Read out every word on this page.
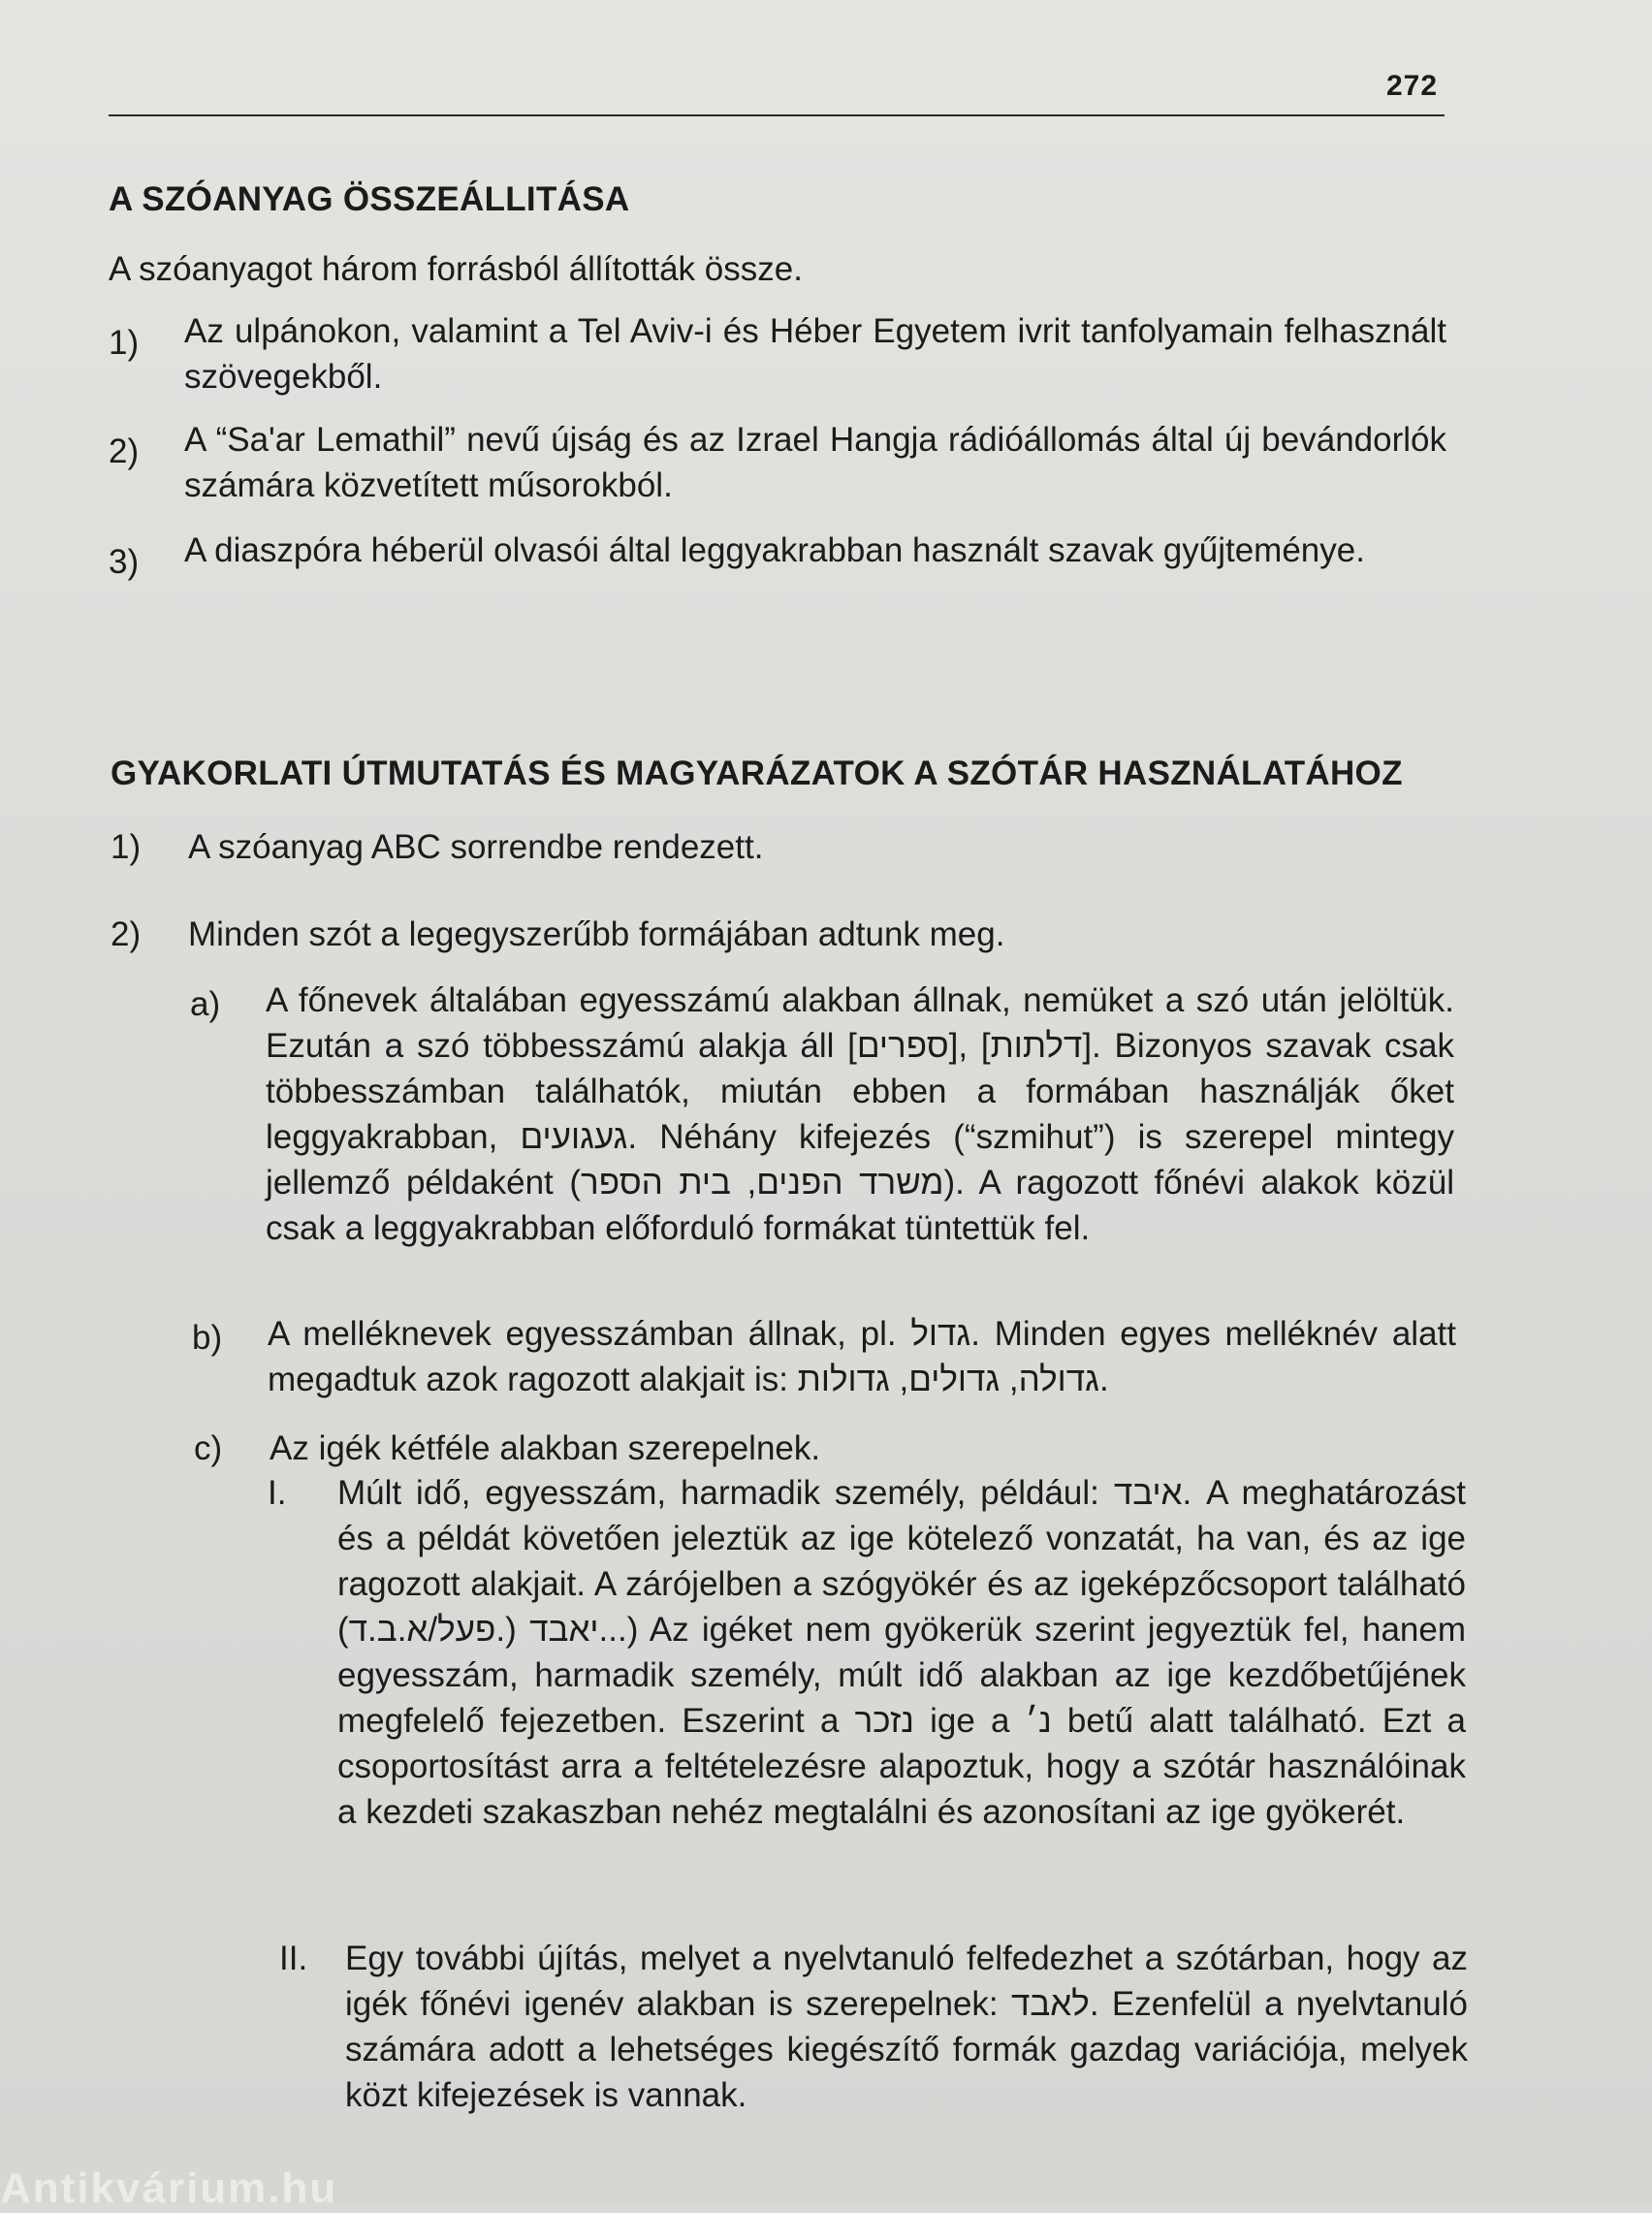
272
A SZÓANYAG ÖSSZEÁLLITÁSA
A szóanyagot három forrásból állították össze.
1) Az ulpánokon, valamint a Tel Aviv-i és Héber Egyetem ivrit tanfolyamain felhasznált szövegekből.
2) A “Sa'ar Lemathil” nevű újság és az Izrael Hangja rádióállomás által új bevándorlók számára közvetített műsorokból.
3) A diaszpóra héberül olvasói által leggyakrabban használt szavak gyűjteménye.
GYAKORLATI ÚTMUTATÁS ÉS MAGYARÁZATOK A SZÓTÁR HASZNÁLATÁHOZ
1) A szóanyag ABC sorrendbe rendezett.
2) Minden szót a legegyszerűbb formájában adtunk meg.
a) A főnevek általában egyesszámú alakban állnak, nemüket a szó után jelöltük. Ezután a szó többesszámú alakja áll [ספרים], [דלתות]. Bizonyos szavak csak többesszámban találhatók, miután ebben a formában használják őket leggyakrabban, געגועים. Néhány kifejezés (“szmihut”) is szerepel mintegy jellemző példaként (משרד הפנים, בית הספר). A ragozott főnévi alakok közül csak a leggyakrabban előforduló formákat tüntettük fel.
b) A melléknevek egyesszámban állnak, pl. גדול. Minden egyes melléknév alatt megadtuk azok ragozott alakjait is: גדולה, גדולים, גדולות.
c) Az igék kétféle alakban szerepelnek.
I. Múlt idő, egyesszám, harmadik személy, például: איבד. A meghatározást és a példát követően jeleztük az ige kötelező vonzatát, ha van, és az ige ragozott alakjait. A zárójelben a szógyökér és az igeképzőcsoport található (פעל/א.ב.ד.) יאבד...) Az igéket nem gyökerük szerint jegyeztük fel, hanem egyesszám, harmadik személy, múlt idő alakban az ige kezdőbetűjének megfelelő fejezetben. Eszerint a נזכר ige a נ׳ betű alatt található. Ezt a csoportosítást arra a feltételezésre alapoztuk, hogy a szótár használóinak a kezdeti szakaszban nehéz megtalálni és azonosítani az ige gyökerét.
II. Egy további újítás, melyet a nyelvtanuló felfedezhet a szótárban, hogy az igék főnévi igenév alakban is szerepelnek: לאבד. Ezenfelül a nyelvtanuló számára adott a lehetséges kiegészítő formák gazdag variációja, melyek közt kifejezések is vannak.
Antikvárium.hu
